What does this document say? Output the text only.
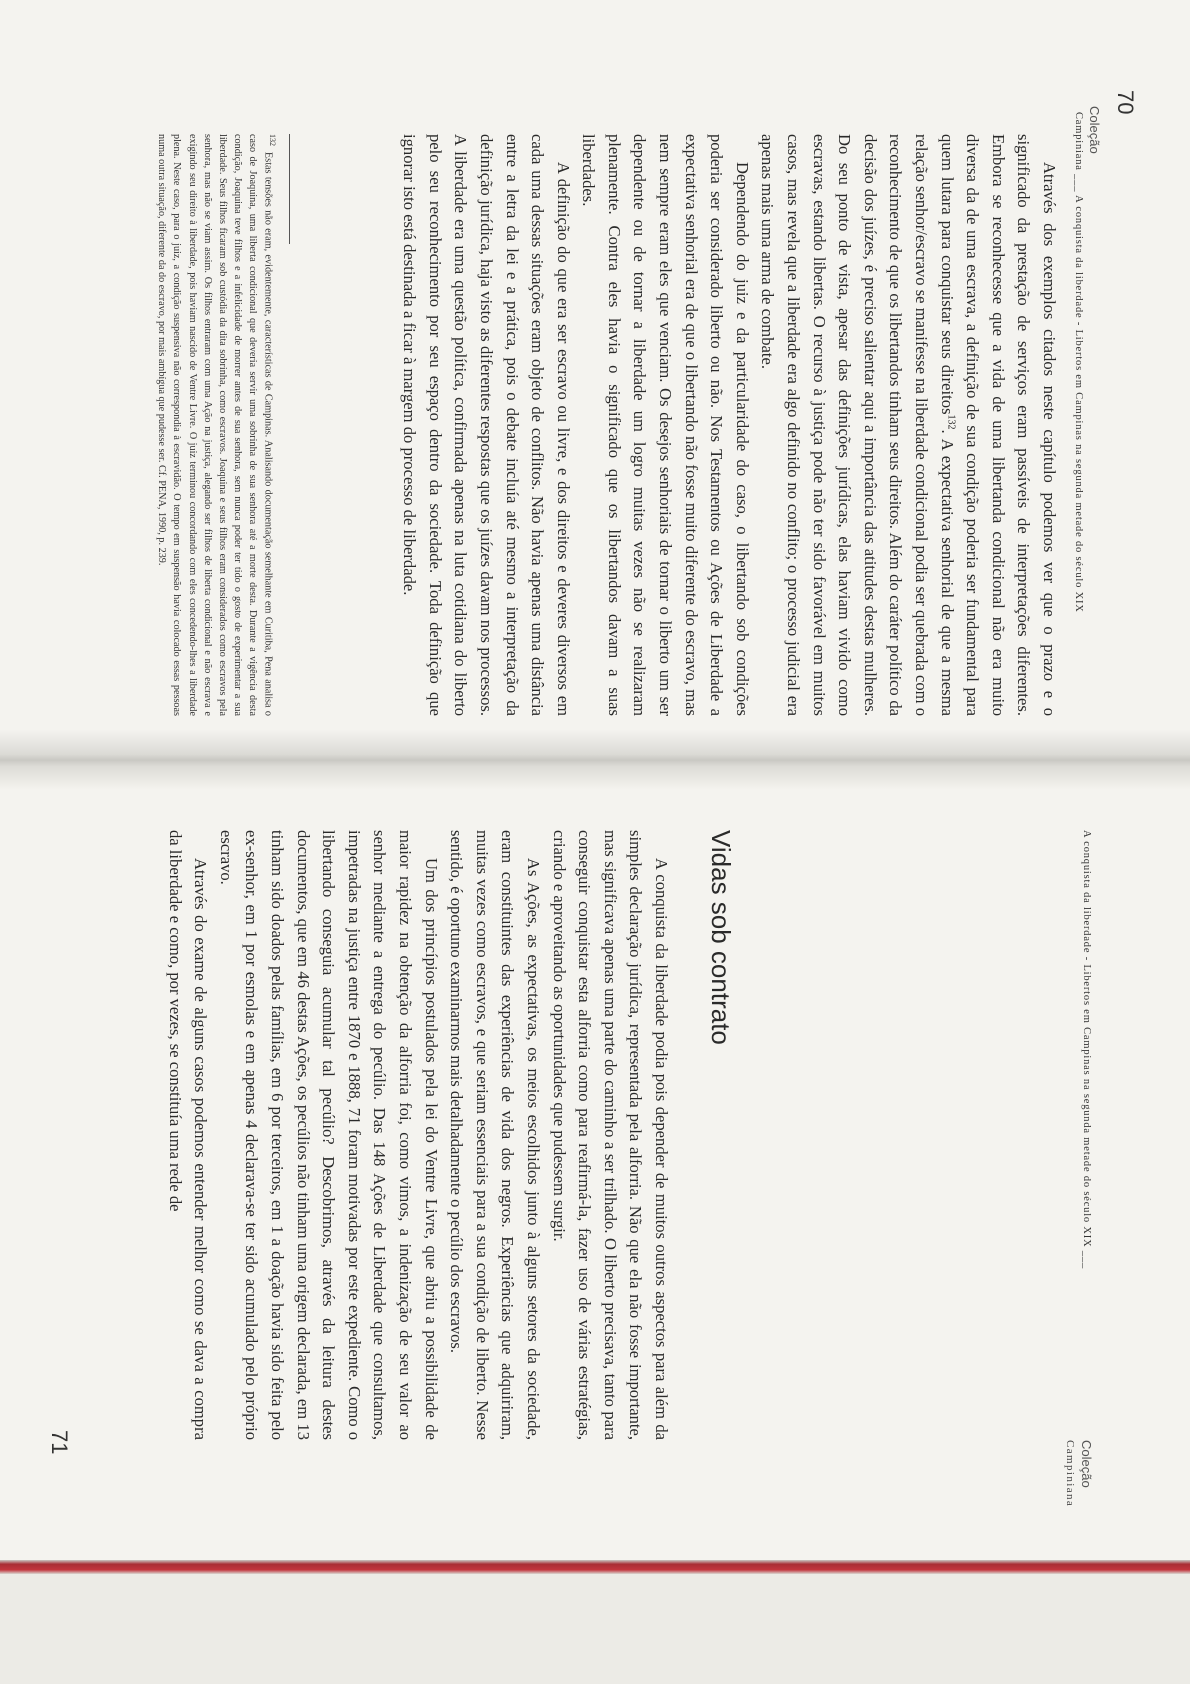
Coleção
Campiniana ___ A conquista da liberdade - Libertos em Campinas na segunda metade do século XIX
70

Através dos exemplos citados neste capítulo podemos ver que o prazo e o significado da prestação de serviços eram passíveis de interpretações diferentes. Embora se reconhecesse que a vida de uma libertanda condicional não era muito diversa da de uma escrava, a definição de sua condição poderia ser fundamental para quem lutara para conquistar seus direitos$^{132}$. A expectativa senhorial de que a mesma relação senhor/escravo se manifesse na liberdade condicional podia ser quebrada com o reconhecimento de que os libertandos tinham seus direitos. Além do caráter político da decisão dos juízes, é preciso salientar aqui a importância das atitudes destas mulheres. Do seu ponto de vista, apesar das definições jurídicas, elas haviam vivido como escravas, estando libertas. O recurso à justiça pode não ter sido favorável em muitos casos, mas revela que a liberdade era algo definido no conflito; o processo judicial era apenas mais uma arma de combate.

Dependendo do juiz e da particularidade do caso, o libertando sob condições poderia ser considerado liberto ou não. Nos Testamentos ou Ações de Liberdade a expectativa senhorial era de que o libertando não fosse muito diferente do escravo, mas nem sempre eram eles que venciam. Os desejos senhoriais de tornar o liberto um ser dependente ou de tornar a liberdade um logro muitas vezes não se realizaram plenamente. Contra eles havia o significado que os libertandos davam a suas liberdades.

A definição do que era ser escravo ou livre, e dos direitos e deveres diversos em cada uma dessas situações eram objeto de conflitos. Não havia apenas uma distância entre a letra da lei e a prática, pois o debate incluía até mesmo a interpretação da definição jurídica, haja visto as diferentes respostas que os juízes davam nos processos. A liberdade era uma questão política, confirmada apenas na luta cotidiana do liberto pelo seu reconhecimento por seu espaço dentro da sociedade. Toda definição que ignorar isto está destinada a ficar à margem do processo de liberdade.

$^{132}$Estas tensões não eram, evidentemente, características de Campinas. Analisando documentação semelhante em Curitiba, Pena analisa o caso de Joaquina, uma liberta condicional que deveria servir uma sobrinha de sua senhora até a morte desta. Durante a vigência desta condição, Joaquina teve filhos e a infelicidade de morrer antes de sua senhora, sem nunca poder ter tido o gosto de experimentar a sua liberdade. Seus filhos ficaram sob custódia da dita sobrinha, como escravos. Joaquina e seus filhos eram considerados como escravos pela senhora, mas não se viam assim. Os filhos entraram com uma Ação na justiça, alegando ser filhos de liberta condicional e não escrava e exigindo seu direito à liberdade, pois haviam nascido de Ventre Livre. O juiz terminou concordando com eles concedendo-lhes a liberdade plena. Neste caso, para o juiz, a condição suspensiva não correspondia à escravidão. O tempo em suspensão havia colocado essas pessoas numa outra situação, diferente da do escravo, por mais ambígua que pudesse ser. Cf. PENA, 1990, p. 239.

A conquista da liberdade - Libertos em Campinas na segunda metade do século XIX ___
Coleção
Campiniana
71
Vidas sob contrato

A conquista da liberdade podia pois depender de muitos outros aspectos para além da simples declaração jurídica, representada pela alforria. Não que ela não fosse importante, mas significava apenas uma parte do caminho a ser trilhado. O liberto precisava, tanto para conseguir conquistar esta alforria como para reafirmá-la, fazer uso de várias estratégias, criando e aproveitando as oportunidades que pudessem surgir.

As Ações, as expectativas, os meios escolhidos junto à alguns setores da sociedade, eram constituintes das experiências de vida dos negros. Experiências que adquiriram, muitas vezes como escravos, e que seriam essenciais para a sua condição de liberto. Nesse sentido, é oportuno examinarmos mais detalhadamente o pecúlio dos escravos.

Um dos princípios postulados pela lei do Ventre Livre, que abriu a possibilidade de maior rapidez na obtenção da alforria foi, como vimos, a indenização de seu valor ao senhor mediante a entrega do pecúlio. Das 148 Ações de Liberdade que consultamos, impetradas na justiça entre 1870 e 1888, 71 foram motivadas por este expediente. Como o libertando conseguia acumular tal pecúlio? Descobrimos, através da leitura destes documentos, que em 46 destas Ações, os pecúlios não tinham uma origem declarada, em 13 tinham sido doados pelas famílias, em 6 por terceiros, em 1 a doação havia sido feita pelo ex-senhor, em 1 por esmolas e em apenas 4 declarava-se ter sido acumulado pelo próprio escravo.

Através do exame de alguns casos podemos entender melhor como se dava a compra da liberdade e como, por vezes, se constituía uma rede de
